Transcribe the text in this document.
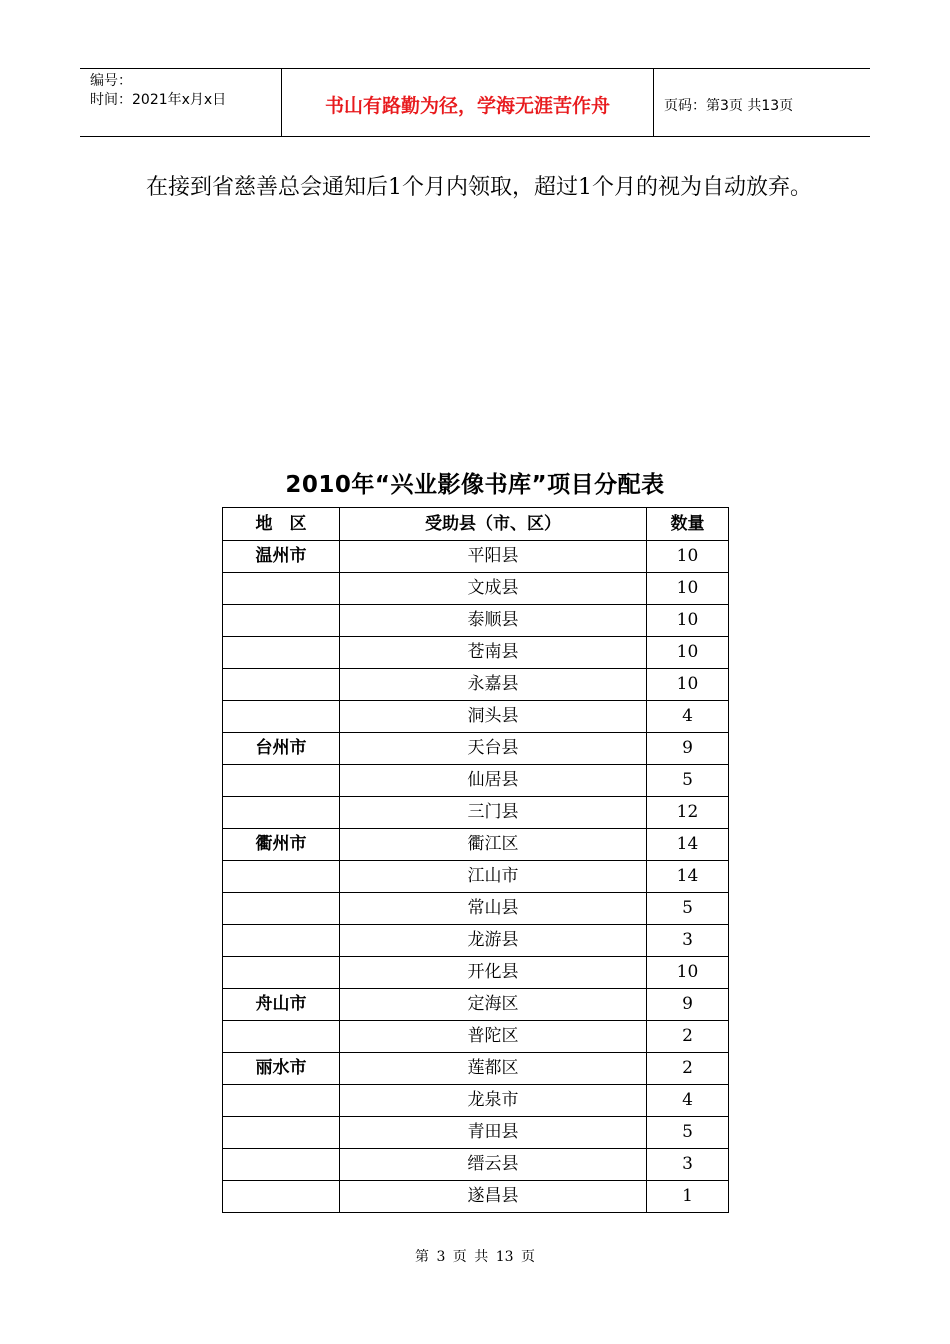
编号：
时间：2021年x月x日	书山有路勤为径，学海无涯苦作舟	页码：第3页 共13页
在接到省慈善总会通知后1个月内领取，超过1个月的视为自动放弃。
2010年“兴业影像书库”项目分配表
地　区	受助县（市、区）	数量
温州市	平阳县	10
	文成县	10
	泰顺县	10
	苍南县	10
	永嘉县	10
	洞头县	4
台州市	天台县	9
	仙居县	5
	三门县	12
衢州市	衢江区	14
	江山市	14
	常山县	5
	龙游县	3
	开化县	10
舟山市	定海区	9
	普陀区	2
丽水市	莲都区	2
	龙泉市	4
	青田县	5
	缙云县	3
	遂昌县	1
第 3 页 共 13 页
